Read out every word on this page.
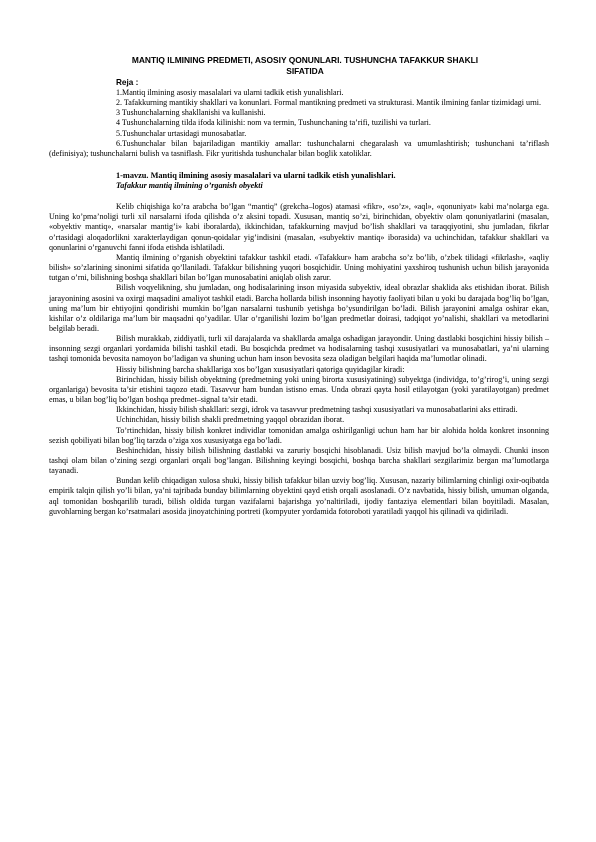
MANTIQ ILMINING PREDMETI, ASOSIY QONUNLARI. TUSHUNCHA TAFAKKUR SHAKLI SIFATIDA

Reja :

1.Mantiq ilmining asosiy masalalari va ularni tadkik etish yunalishlari.

2. Tafakkurning mantikiy shakllari va konunlari. Formal mantikning predmeti va strukturasi. Mantik ilmining fanlar tizimidagi urni.

3 Tushunchalarning shakllanishi va kullanishi.

4 Tushunchalarning tilda ifoda kilinishi: nom va termin, Tushunchaning ta’rifi, tuzilishi va turlari.

5.Tushunchalar urtasidagi munosabatlar.

6.Tushunchalar bilan bajariladigan mantikiy amallar: tushunchalarni chegaralash va umumlashtirish; tushunchani ta’riflash (definisiya); tushunchalarni bulish va tasniflash. Fikr yuritishda tushunchalar bilan boglik xatoliklar.

1-mavzu. Mantiq ilmining asosiy masalalari va ularni tadkik etish yunalishlari.

Tafakkur mantiq ilmining o’rganish obyekti

Kelib chiqishiga ko’ra arabcha bo’lgan “mantiq” (grekcha–logos) atamasi «fikr», «so’z», «aql», «qonuniyat» kabi ma’nolarga ega. Uning ko’pma’noligi turli xil narsalarni ifoda qilishda o’z aksini topadi. Xususan, mantiq so’zi, birinchidan, obyektiv olam qonuniyatlarini (masalan, «obyektiv mantiq», «narsalar mantig’i» kabi iboralarda), ikkinchidan, tafakkurning mavjud bo’lish shakllari va taraqqiyotini, shu jumladan, fikrlar o’rtasidagi aloqadorlikni xarakterlaydigan qonun-qoidalar yig’indisini (masalan, «subyektiv mantiq» iborasida) va uchinchidan, tafakkur shakllari va qonunlarini o’rganuvchi fanni ifoda etishda ishlatiladi.

Mantiq ilmining o’rganish obyektini tafakkur tashkil etadi. «Tafakkur» ham arabcha so’z bo’lib, o’zbek tilidagi «fikrlash», «aqliy bilish» so’zlarining sinonimi sifatida qo’llaniladi. Tafakkur bilishning yuqori bosqichidir. Uning mohiyatini yaxshiroq tushunish uchun bilish jarayonida tutgan o’rni, bilishning boshqa shakllari bilan bo’lgan munosabatini aniqlab olish zarur.

Bilish voqyelikning, shu jumladan, ong hodisalarining inson miyasida subyektiv, ideal obrazlar shaklida aks etishidan iborat. Bilish jarayonining asosini va oxirgi maqsadini amaliyot tashkil etadi. Barcha hollarda bilish insonning hayotiy faoliyati bilan u yoki bu darajada bog’liq bo’lgan, uning ma’lum bir ehtiyojini qondirishi mumkin bo’lgan narsalarni tushunib yetishga bo’ysundirilgan bo’ladi. Bilish jarayonini amalga oshirar ekan, kishilar o’z oldilariga ma’lum bir maqsadni qo’yadilar. Ular o’rganilishi lozim bo’lgan predmetlar doirasi, tadqiqot yo’nalishi, shakllari va metodlarini belgilab beradi.

Bilish murakkab, ziddiyatli, turli xil darajalarda va shakllarda amalga oshadigan jarayondir. Uning dastlabki bosqichini hissiy bilish – insonning sezgi organlari yordamida bilishi tashkil etadi. Bu bosqichda predmet va hodisalarning tashqi xususiyatlari va munosabatlari, ya’ni ularning tashqi tomonida bevosita namoyon bo’ladigan va shuning uchun ham inson bevosita seza oladigan belgilari haqida ma’lumotlar olinadi.

Hissiy bilishning barcha shakllariga xos bo’lgan xususiyatlari qatoriga quyidagilar kiradi:

Birinchidan, hissiy bilish obyektning (predmetning yoki uning birorta xususiyatining) subyektga (individga, to’g’rirog’i, uning sezgi organlariga) bevosita ta’sir etishini taqozo etadi. Tasavvur ham bundan istisno emas. Unda obrazi qayta hosil etilayotgan (yoki yaratilayotgan) predmet emas, u bilan bog’liq bo’lgan boshqa predmet–signal ta’sir etadi.

Ikkinchidan, hissiy bilish shakllari: sezgi, idrok va tasavvur predmetning tashqi xususiyatlari va munosabatlarini aks ettiradi.

Uchinchidan, hissiy bilish shakli predmetning yaqqol obrazidan iborat.

To’rtinchidan, hissiy bilish konkret individlar tomonidan amalga oshirilganligi uchun ham har bir alohida holda konkret insonning sezish qobiliyati bilan bog’liq tarzda o’ziga xos xususiyatga ega bo’ladi.

Beshinchidan, hissiy bilish bilishning dastlabki va zaruriy bosqichi hisoblanadi. Usiz bilish mavjud bo’la olmaydi. Chunki inson tashqi olam bilan o’zining sezgi organlari orqali bog’langan. Bilishning keyingi bosqichi, boshqa barcha shakllari sezgilarimiz bergan ma’lumotlarga tayanadi.

Bundan kelib chiqadigan xulosa shuki, hissiy bilish tafakkur bilan uzviy bog’liq. Xususan, nazariy bilimlarning chinligi oxir-oqibatda empirik talqin qilish yo’li bilan, ya’ni tajribada bunday bilimlarning obyektini qayd etish orqali asoslanadi. O’z navbatida, hissiy bilish, umuman olganda, aql tomonidan boshqarilib turadi, bilish oldida turgan vazifalarni bajarishga yo’naltiriladi, ijodiy fantaziya elementlari bilan boyitiladi. Masalan, guvohlarning bergan ko’rsatmalari asosida jinoyatchining portreti (kompyuter yordamida fotoroboti yaratiladi yaqqol his qilinadi va qidiriladi.
